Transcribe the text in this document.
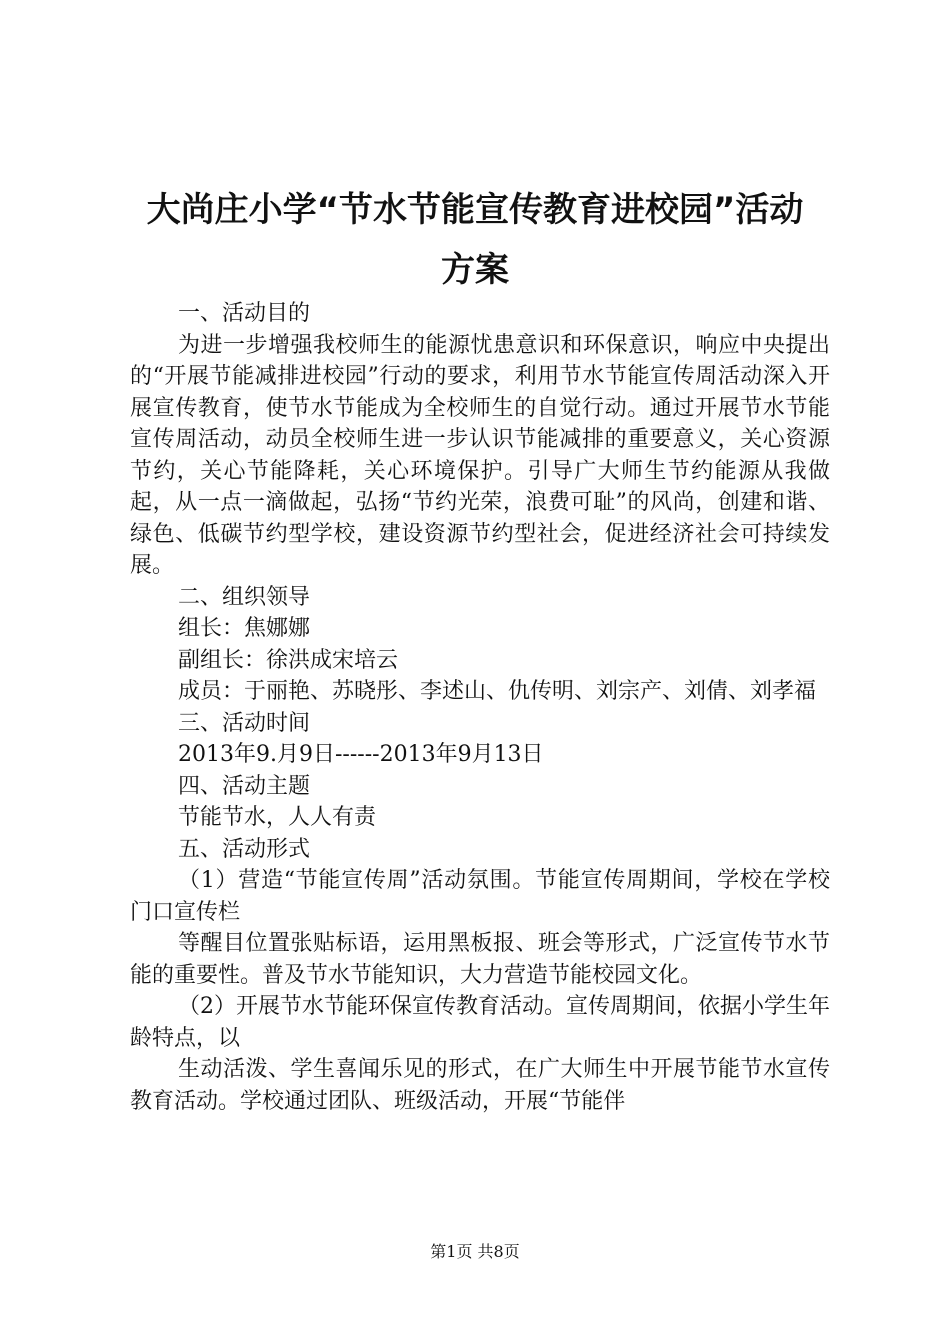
大尚庄小学“节水节能宣传教育进校园”活动
方案

一、活动目的

为进一步增强我校师生的能源忧患意识和环保意识，响应中央提出的“开展节能减排进校园”行动的要求，利用节水节能宣传周活动深入开展宣传教育，使节水节能成为全校师生的自觉行动。通过开展节水节能宣传周活动，动员全校师生进一步认识节能减排的重要意义，关心资源节约，关心节能降耗，关心环境保护。引导广大师生节约能源从我做起，从一点一滴做起，弘扬“节约光荣，浪费可耻”的风尚，创建和谐、绿色、低碳节约型学校，建设资源节约型社会，促进经济社会可持续发展。

二、组织领导

组长：焦娜娜

副组长：徐洪成宋培云

成员：于丽艳、苏晓彤、李述山、仇传明、刘宗产、刘倩、刘孝福

三、活动时间

2013年9.月9日------2013年9月13日

四、活动主题

节能节水，人人有责

五、活动形式

（1）营造“节能宣传周”活动氛围。节能宣传周期间，学校在学校门口宣传栏

等醒目位置张贴标语，运用黑板报、班会等形式，广泛宣传节水节能的重要性。普及节水节能知识，大力营造节能校园文化。

（2）开展节水节能环保宣传教育活动。宣传周期间，依据小学生年龄特点，以

生动活泼、学生喜闻乐见的形式，在广大师生中开展节能节水宣传教育活动。学校通过团队、班级活动，开展“节能伴

第1页 共8页
